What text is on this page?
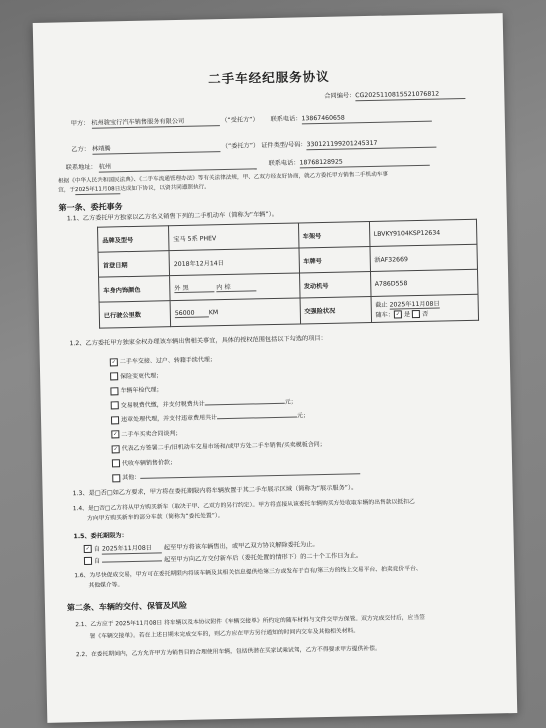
二手车经纪服务协议
合同编号：CG20251108155210768​12
甲方： 杭州骏宝行汽车销售服务有限公司	（“受托方”） 联系电话：13867460658
乙方： 林靖腾	（“委托方”） 证件类型/号码：330121199201245317
联系地址： 杭州	联系电话：18768128925
根据《中华人民共和国民法典》、《二手车流通管理办法》等有关法律法规，甲、乙双方经友好协商，就乙方委托甲方销售二手机动车事
宜，于2025年11月08日达成如下协议，以资共同遵照执行。
第一条、委托事务
1.1、乙方委托甲方独家以乙方名义销售下列的二手机动车（简称为“车辆”）。
品牌及型号	宝马 5系 PHEV	车架号	LBVKY9104KSP12634
首登日期	2018年12月14日	车牌号	浙AF32669
车身内饰颜色	外 黑 内 棕	发动机号	A786D558
已行驶公里数	56000 KM	交强险状况	截止 2025年11月08日
随车： ✓ 是 否
1.2、乙方委托甲方独家全权办理该车辆出售相关事宜，具体的授权范围包括以下勾选的项目：
✓ 二手车交接、过户、转籍手续代理；
保险变更代理；
车辆年检代理；
交易税费代缴，并支付税费共计	元；
违章处理代理，并支付违章费用共计	元；
✓ 二手车买卖合同谈判；
✓ 代表乙方签署二手/旧机动车交易市场和/或甲方处二手车销售/买卖模板合同；
代收车辆销售价款；
其他：
1.3、是□否□如乙方要求，甲方将在委托期限内将车辆放置于其二手车展示区域（简称为“展示服务”）。
1.4、是□否□乙方将从甲方购买新车（取决于甲、乙双方的另行约定）。甲方将直接从该委托车辆购买方处收取车辆的出售款以抵扣乙
方向甲方购买新车的部分车款（简称为“委托处置”）。
1.5、委托期限为：
✓ 自 2025年11月08日 起至甲方将该车辆售出，或甲乙双方协议解除委托为止。
自	起至甲方向乙方交付新车后（委托处置的情形下）的二十个工作日为止。
1.6、为尽快促成交易，甲方可在委托期限内将该车辆及其相关信息提供给第三方或发布于自有/第三方的线上交易平台、拍卖竞价平台、
其他媒介等。
第二条、车辆的交付、保管及风险
2.1、乙方应于 2025年11月08日 将车辆以及本协议附件《车辆交接单》所约定的随车材料与文件交甲方保管。双方完成交付后，应当签
署《车辆交接单》。若在上述日期未完成交车的，则乙方应在甲方另行通知的时间内交车及其他相关材料。
2.2、在委托期间内，乙方允许甲方为销售目的合理使用车辆，包括供潜在买家试乘试驾，乙方不得要求甲方提供补偿。
